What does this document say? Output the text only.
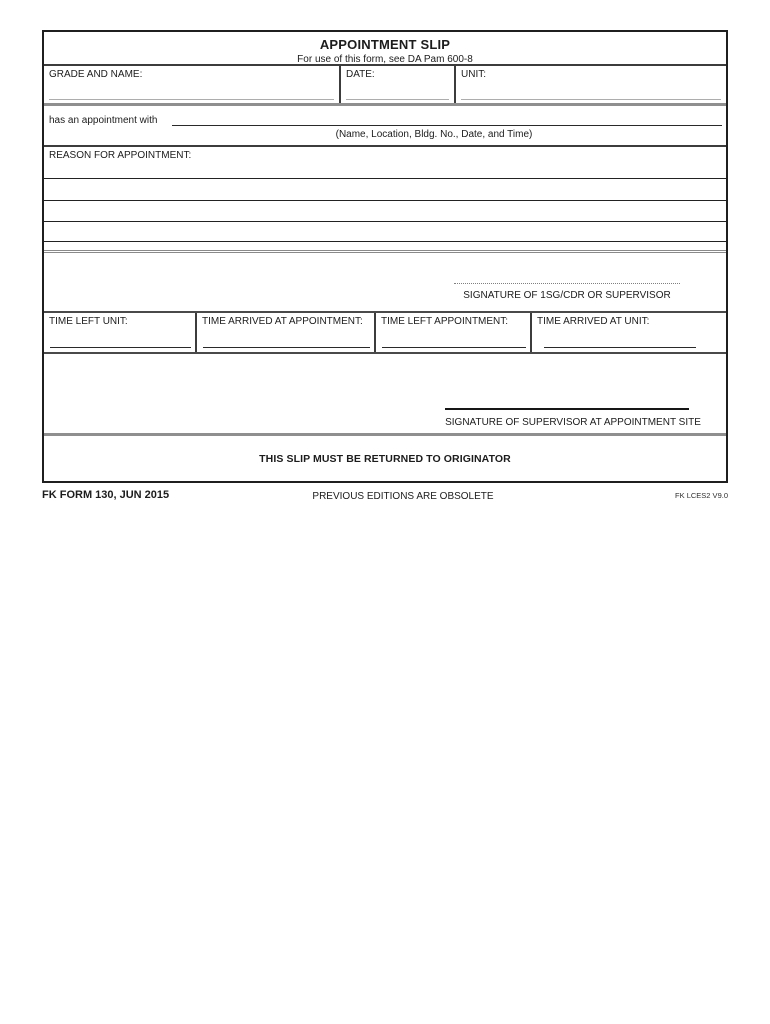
APPOINTMENT SLIP
For use of this form, see DA Pam 600-8
GRADE AND NAME:	DATE:	UNIT:
has an appointment with
(Name, Location, Bldg. No., Date, and Time)
REASON FOR APPOINTMENT:
SIGNATURE OF 1SG/CDR OR SUPERVISOR
TIME LEFT UNIT:	TIME ARRIVED AT APPOINTMENT:	TIME LEFT APPOINTMENT:	TIME ARRIVED AT UNIT:
SIGNATURE OF SUPERVISOR AT APPOINTMENT SITE
THIS SLIP MUST BE RETURNED TO ORIGINATOR
FK FORM 130, JUN 2015	PREVIOUS EDITIONS ARE OBSOLETE	FK LCES2 V9.0
